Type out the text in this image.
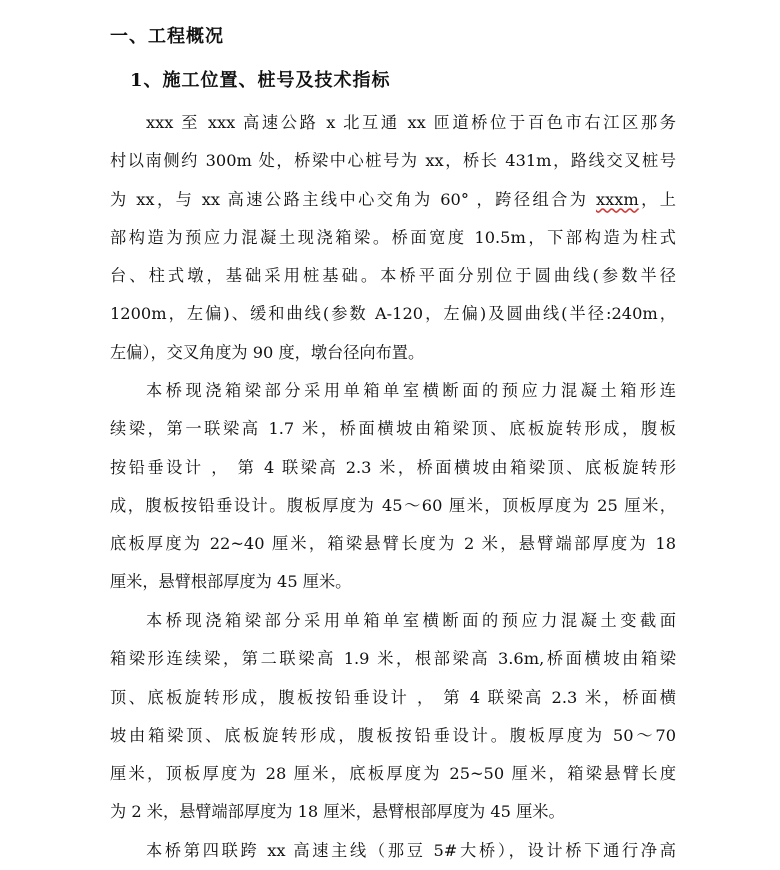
一、工程概况
1、施工位置、桩号及技术指标
xxx 至 xxx 高速公路 x 北互通 xx 匝道桥位于百色市右江区那务
村以南侧约 300m 处，桥梁中心桩号为 xx，桥长 431m，路线交叉桩号
为 xx，与 xx 高速公路主线中心交角为 60° ，跨径组合为 xxxm，上
部构造为预应力混凝土现浇箱梁。桥面宽度 10.5m，下部构造为柱式
台、柱式墩，基础采用桩基础。本桥平面分别位于圆曲线(参数半径
1200m，左偏)、缓和曲线(参数 A-120，左偏)及圆曲线(半径:240m，
左偏），交叉角度为 90 度，墩台径向布置。
本桥现浇箱梁部分采用单箱单室横断面的预应力混凝土箱形连
续梁，第一联梁高 1.7 米，桥面横坡由箱梁顶、底板旋转形成，腹板
按铅垂设计 ， 第 4 联梁高 2.3 米，桥面横坡由箱梁顶、底板旋转形
成，腹板按铅垂设计。腹板厚度为 45～60 厘米，顶板厚度为 25 厘米，
底板厚度为 22~40 厘米，箱梁悬臂长度为 2 米，悬臂端部厚度为 18
厘米，悬臂根部厚度为 45 厘米。
本桥现浇箱梁部分采用单箱单室横断面的预应力混凝土变截面
箱梁形连续梁，第二联梁高 1.9 米，根部梁高 3.6m,桥面横坡由箱梁
顶、底板旋转形成，腹板按铅垂设计 ， 第 4 联梁高 2.3 米，桥面横
坡由箱梁顶、底板旋转形成，腹板按铅垂设计。腹板厚度为 50～70
厘米，顶板厚度为 28 厘米，底板厚度为 25~50 厘米，箱梁悬臂长度
为 2 米，悬臂端部厚度为 18 厘米，悬臂根部厚度为 45 厘米。
本桥第四联跨 xx 高速主线（那豆 5#大桥），设计桥下通行净高
